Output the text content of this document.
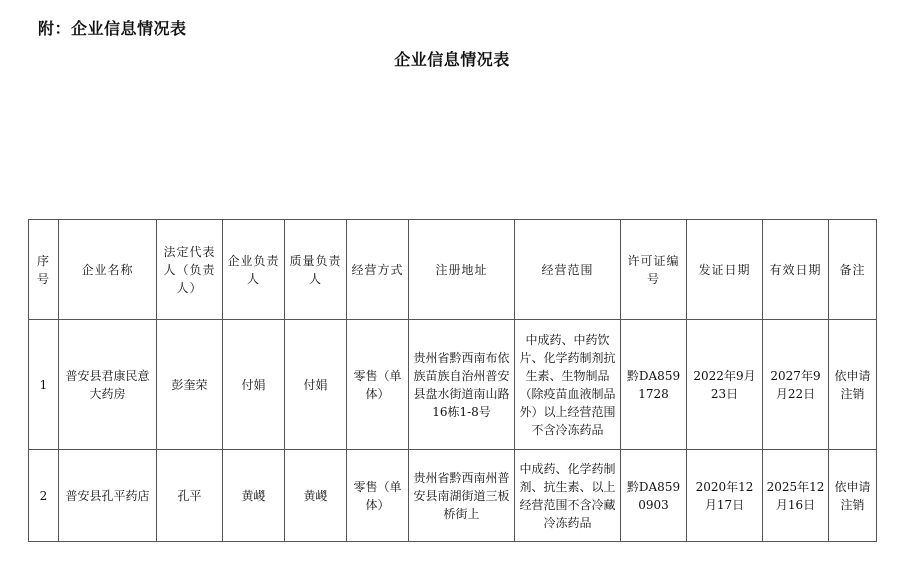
附：企业信息情况表
企业信息情况表
序号	企业名称	法定代表人（负责人）	企业负责人	质量负责人	经营方式	注册地址	经营范围	许可证编号	发证日期	有效日期	备注
1	普安县君康民意大药房	彭奎荣	付娟	付娟	零售（单体）	贵州省黔西南布依族苗族自治州普安县盘水街道南山路16栋1-8号	中成药、中药饮片、化学药制剂抗生素、生物制品（除疫苗血液制品外）以上经营范围不含冷冻药品	黔DA8591728	2022年9月23日	2027年9月22日	依申请注销
2	普安县孔平药店	孔平	黄嵕	黄嵕	零售（单体）	贵州省黔西南州普安县南湖街道三板桥街上	中成药、化学药制剂、抗生素、以上经营范围不含冷藏冷冻药品	黔DA8590903	2020年12月17日	2025年12月16日	依申请注销
